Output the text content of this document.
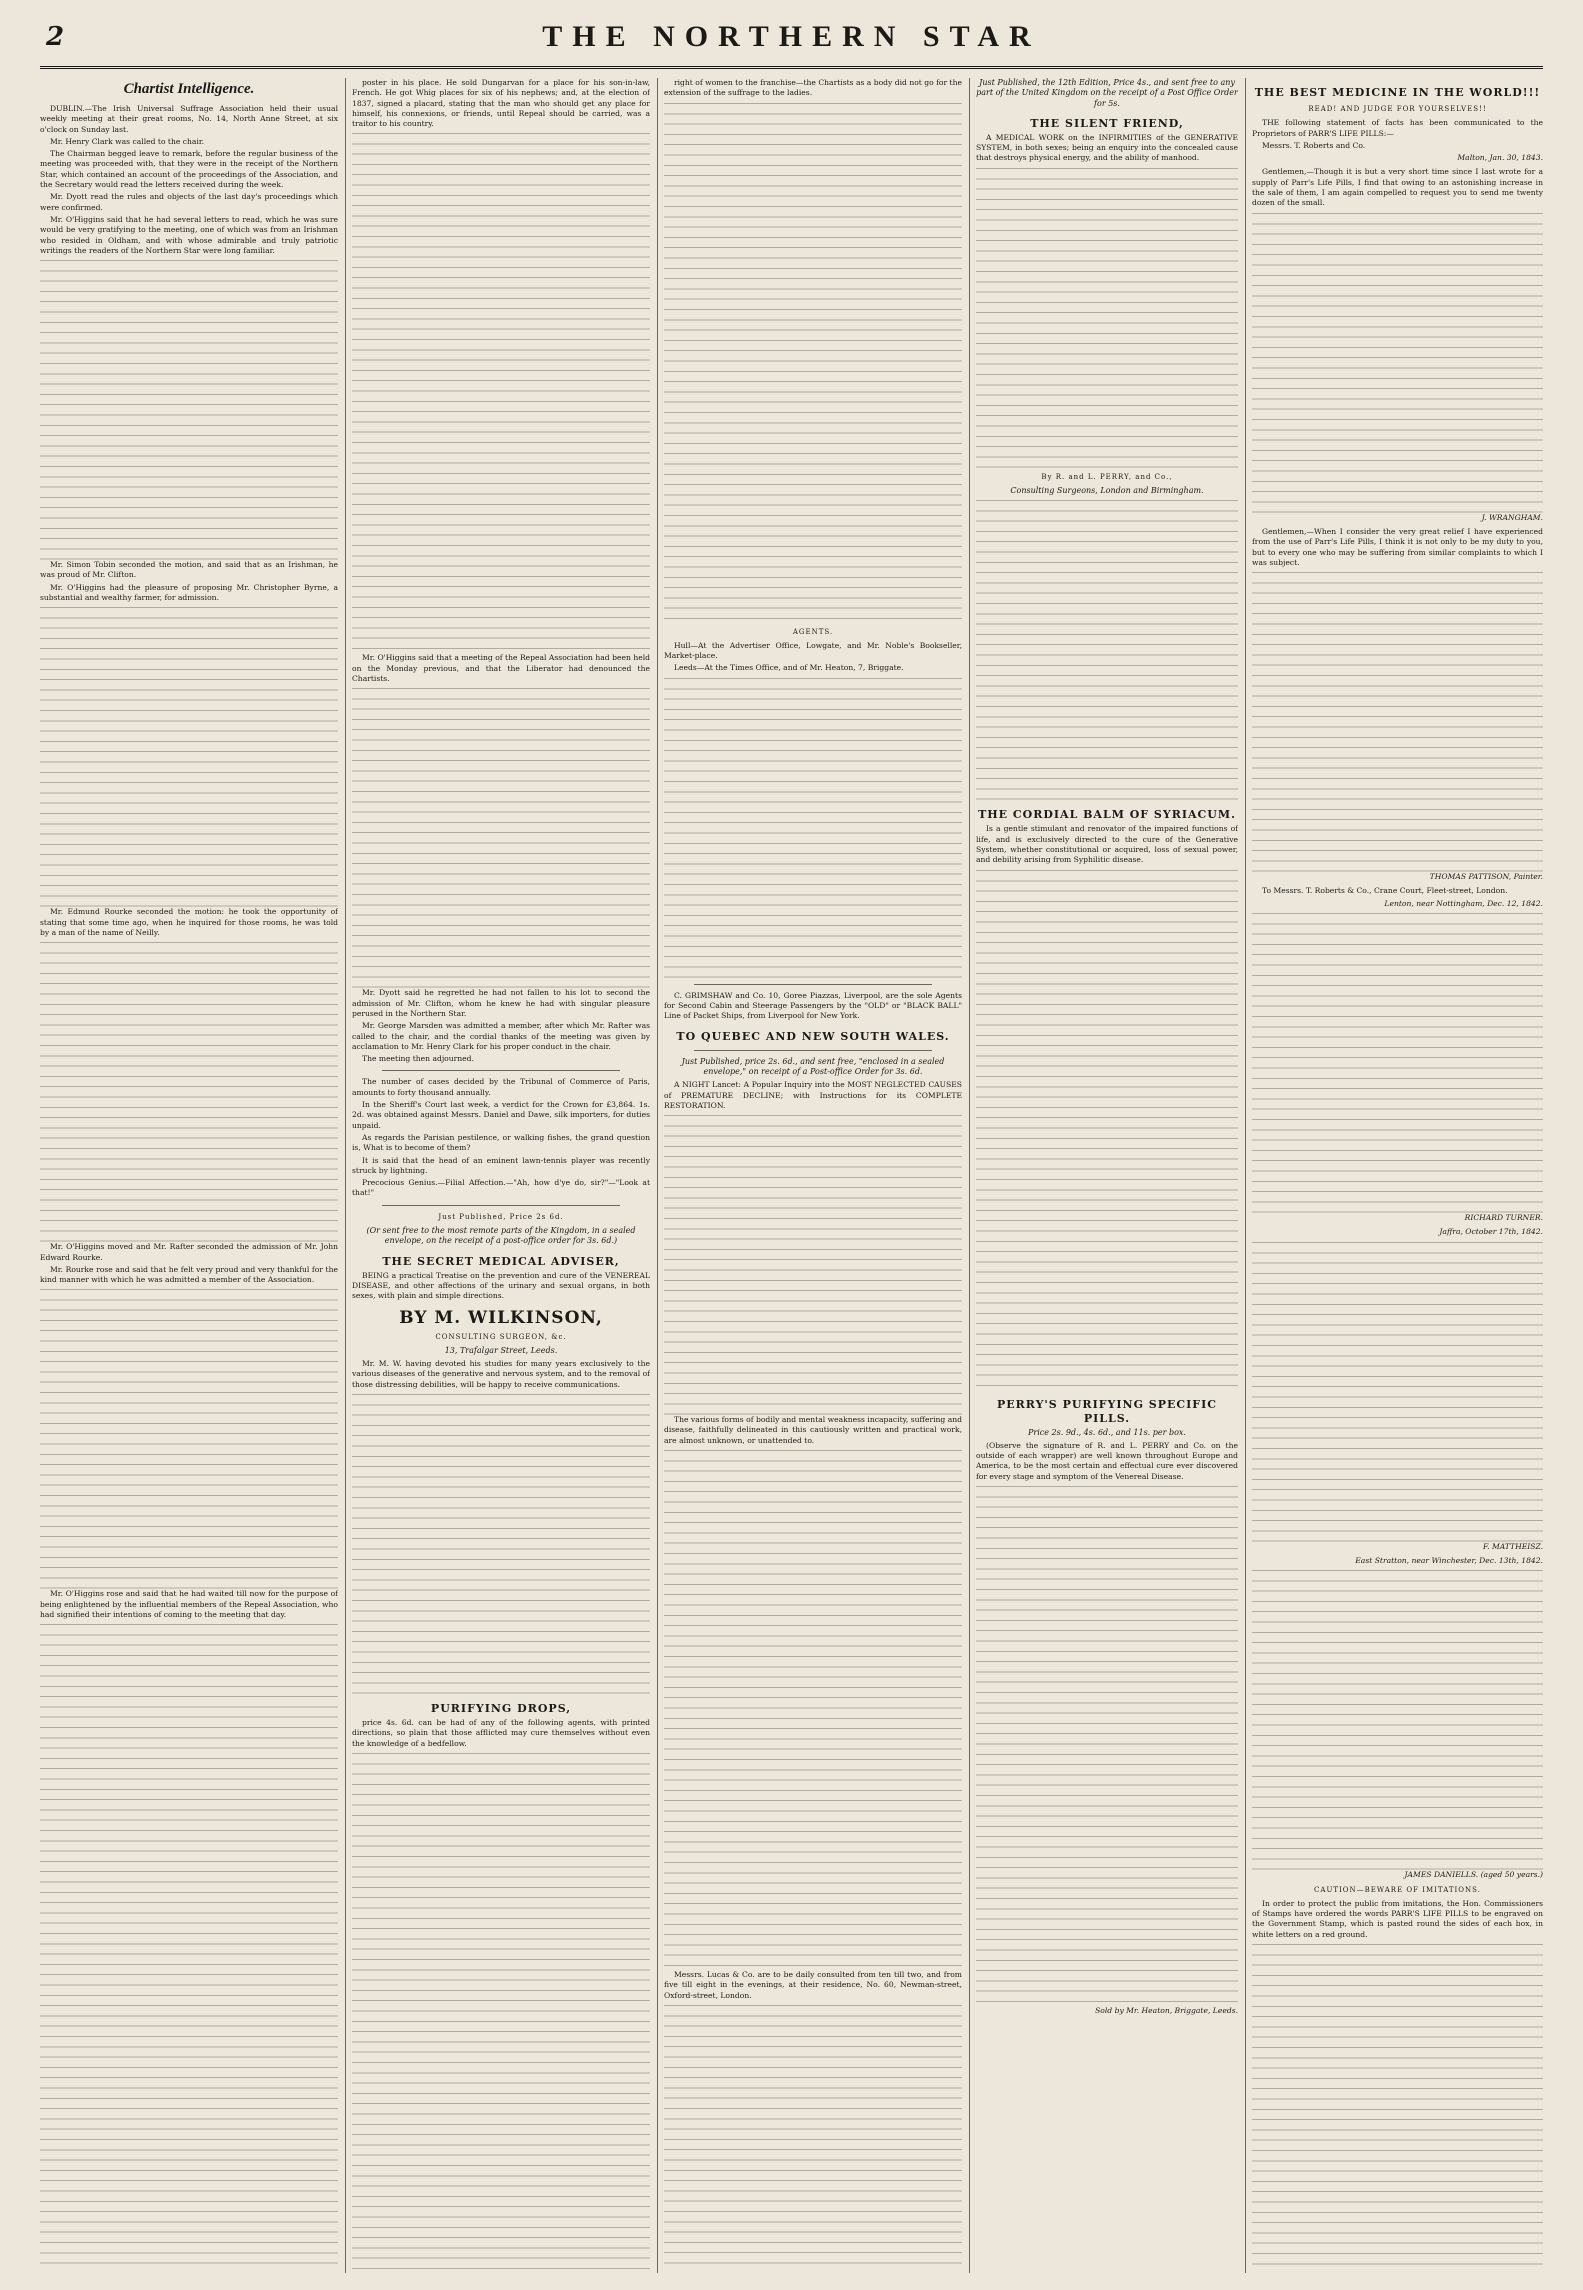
2	THE NORTHERN STAR
Chartist Intelligence.

DUBLIN.—The Irish Universal Suffrage Association held their usual weekly meeting at their great rooms, No. 14, North Anne Street, at six o'clock on Sunday last.

Mr. Henry Clark was called to the chair.

The Chairman begged leave to remark, before the regular business of the meeting was proceeded with, that they were in the receipt of the Northern Star, which contained an account of the proceedings of the Association, and the Secretary would read the letters received during the week.

Mr. Dyott read the rules and objects of the last day's proceedings which were confirmed.

Mr. O'Higgins said that he had several letters to read, which he was sure would be very gratifying to the meeting, one of which was from an Irishman who resided in Oldham, and with whose admirable and truly patriotic writings the readers of the Northern Star were long familiar.

Mr. Simon Tobin seconded the motion, and said that as an Irishman, he was proud of Mr. Clifton.

Mr. O'Higgins had the pleasure of proposing Mr. Christopher Byrne, a substantial and wealthy farmer, for admission.

Mr. Edmund Rourke seconded the motion: he took the opportunity of stating that some time ago, when he inquired for those rooms, he was told by a man of the name of Neilly.

Mr. O'Higgins moved and Mr. Rafter seconded the admission of Mr. John Edward Rourke.

Mr. Rourke rose and said that he felt very proud and very thankful for the kind manner with which he was admitted a member of the Association.

Mr. O'Higgins rose and said that he had waited till now for the purpose of being enlightened by the influential members of the Repeal Association, who had signified their intentions of coming to the meeting that day.

poster in his place. He sold Dungarvan for a place for his son-in-law, French. He got Whig places for six of his nephews; and, at the election of 1837, signed a placard, stating that the man who should get any place for himself, his connexions, or friends, until Repeal should be carried, was a traitor to his country.

Mr. O'Higgins said that a meeting of the Repeal Association had been held on the Monday previous, and that the Liberator had denounced the Chartists.

Mr. Dyott said he regretted he had not fallen to his lot to second the admission of Mr. Clifton, whom he knew he had with singular pleasure perused in the Northern Star.

Mr. George Marsden was admitted a member, after which Mr. Rafter was called to the chair, and the cordial thanks of the meeting was given by acclamation to Mr. Henry Clark for his proper conduct in the chair.

The meeting then adjourned.

The number of cases decided by the Tribunal of Commerce of Paris, amounts to forty thousand annually.

In the Sheriff's Court last week, a verdict for the Crown for £3,864. 1s. 2d. was obtained against Messrs. Daniel and Dawe, silk importers, for duties unpaid.

As regards the Parisian pestilence, or walking fishes, the grand question is, What is to become of them?

It is said that the head of an eminent lawn-tennis player was recently struck by lightning.

Precocious Genius.—Filial Affection.—"Ah, how d'ye do, sir?"—"Look at that!"

Just Published, Price 2s 6d.
(Or sent free to the most remote parts of the Kingdom, in a sealed envelope, on the receipt of a post-office order for 3s. 6d.)
THE SECRET MEDICAL ADVISER,

BEING a practical Treatise on the prevention and cure of the VENEREAL DISEASE, and other affections of the urinary and sexual organs, in both sexes, with plain and simple directions.

BY M. WILKINSON,
CONSULTING SURGEON, &c.
13, Trafalgar Street, Leeds.

Mr. M. W. having devoted his studies for many years exclusively to the various diseases of the generative and nervous system, and to the removal of those distressing debilities, will be happy to receive communications.

PURIFYING DROPS,

price 4s. 6d. can be had of any of the following agents, with printed directions, so plain that those afflicted may cure themselves without even the knowledge of a bedfellow.

right of women to the franchise—the Chartists as a body did not go for the extension of the suffrage to the ladies.

AGENTS.

Hull—At the Advertiser Office, Lowgate, and Mr. Noble's Bookseller, Market-place.

Leeds—At the Times Office, and of Mr. Heaton, 7, Briggate.

C. GRIMSHAW and Co. 10, Goree Piazzas, Liverpool, are the sole Agents for Second Cabin and Steerage Passengers by the "OLD" or "BLACK BALL" Line of Packet Ships, from Liverpool for New York.

TO QUEBEC AND NEW SOUTH WALES.
Just Published, price 2s. 6d., and sent free, "enclosed in a sealed envelope," on receipt of a Post-office Order for 3s. 6d.

A NIGHT Lancet: A Popular Inquiry into the MOST NEGLECTED CAUSES of PREMATURE DECLINE; with Instructions for its COMPLETE RESTORATION.

The various forms of bodily and mental weakness incapacity, suffering and disease, faithfully delineated in this cautiously written and practical work, are almost unknown, or unattended to.

Messrs. Lucas & Co. are to be daily consulted from ten till two, and from five till eight in the evenings, at their residence, No. 60, Newman-street, Oxford-street, London.

Just Published, the 12th Edition, Price 4s., and sent free to any part of the United Kingdom on the receipt of a Post Office Order for 5s.
THE SILENT FRIEND,

A MEDICAL WORK on the INFIRMITIES of the GENERATIVE SYSTEM, in both sexes; being an enquiry into the concealed cause that destroys physical energy, and the ability of manhood.

By R. and L. PERRY, and Co.,
Consulting Surgeons, London and Birmingham.
THE CORDIAL BALM OF SYRIACUM.

Is a gentle stimulant and renovator of the impaired functions of life, and is exclusively directed to the cure of the Generative System, whether constitutional or acquired, loss of sexual power, and debility arising from Syphilitic disease.

PERRY'S PURIFYING SPECIFIC PILLS.
Price 2s. 9d., 4s. 6d., and 11s. per box.

(Observe the signature of R. and L. PERRY and Co. on the outside of each wrapper) are well known throughout Europe and America, to be the most certain and effectual cure ever discovered for every stage and symptom of the Venereal Disease.

Sold by Mr. Heaton, Briggate, Leeds.
THE BEST MEDICINE IN THE WORLD!!!
READ! AND JUDGE FOR YOURSELVES!!

THE following statement of facts has been communicated to the Proprietors of PARR'S LIFE PILLS:—

Messrs. T. Roberts and Co.

Malton, Jan. 30, 1843.

Gentlemen,—Though it is but a very short time since I last wrote for a supply of Parr's Life Pills, I find that owing to an astonishing increase in the sale of them, I am again compelled to request you to send me twenty dozen of the small.

J. WRANGHAM.

Gentlemen,—When I consider the very great relief I have experienced from the use of Parr's Life Pills, I think it is not only to be my duty to you, but to every one who may be suffering from similar complaints to which I was subject.

THOMAS PATTISON, Painter.

To Messrs. T. Roberts & Co., Crane Court, Fleet-street, London.

Lenton, near Nottingham, Dec. 12, 1842.
RICHARD TURNER.
Jaffra, October 17th, 1842.
F. MATTHEISZ.
East Stratton, near Winchester, Dec. 13th, 1842.
JAMES DANIELLS. (aged 50 years.)
CAUTION—BEWARE OF IMITATIONS.

In order to protect the public from imitations, the Hon. Commissioners of Stamps have ordered the words PARR'S LIFE PILLS to be engraved on the Government Stamp, which is pasted round the sides of each box, in white letters on a red ground.
